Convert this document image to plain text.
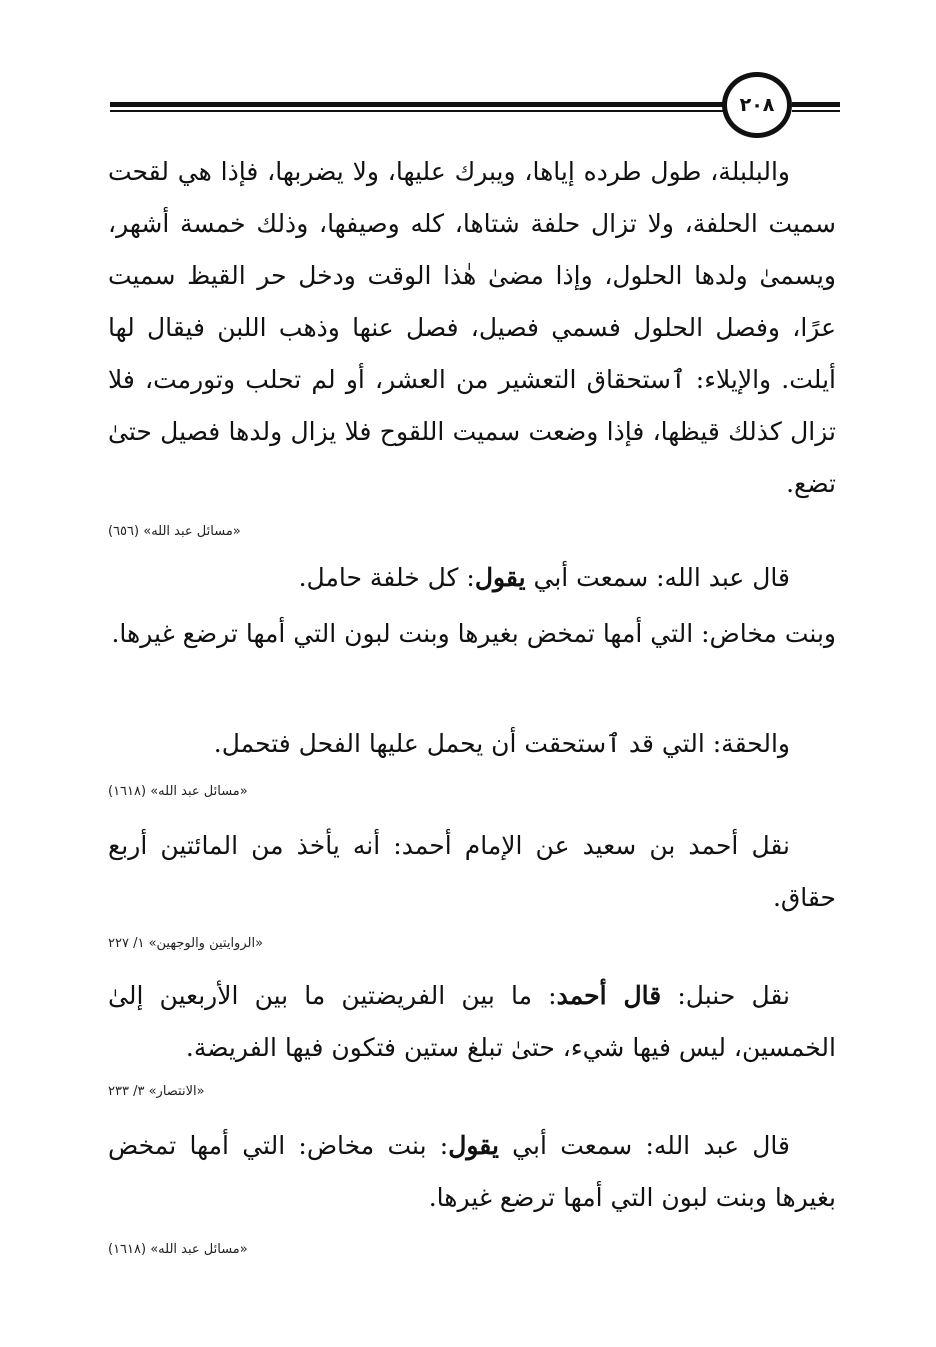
٢٠٨

والبلبلة، طول طرده إياها، ويبرك عليها، ولا يضربها، فإذا هي لقحت سميت الحلفة، ولا تزال حلفة شتاها، كله وصيفها، وذلك خمسة أشهر، ويسمىٰ ولدها الحلول، وإذا مضىٰ هٰذا الوقت ودخل حر القيظ سميت عرًا، وفصل الحلول فسمي فصيل، فصل عنها وذهب اللبن فيقال لها أيلت. والإيلاء: ٱستحقاق التعشير من العشر، أو لم تحلب وتورمت، فلا تزال كذلك قيظها، فإذا وضعت سميت اللقوح فلا يزال ولدها فصيل حتىٰ تضع.

«مسائل عبد الله» (٦٥٦)

قال عبد الله: سمعت أبي يقول: كل خلفة حامل.

وبنت مخاض: التي أمها تمخض بغيرها وبنت لبون التي أمها ترضع غيرها.

والحقة: التي قد ٱستحقت أن يحمل عليها الفحل فتحمل.

«مسائل عبد الله» (١٦١٨)

نقل أحمد بن سعيد عن الإمام أحمد: أنه يأخذ من المائتين أربع حقاق.

«الروايتين والوجهين» ١/ ٢٢٧

نقل حنبل: قال أحمد: ما بين الفريضتين ما بين الأربعين إلىٰ الخمسين، ليس فيها شيء، حتىٰ تبلغ ستين فتكون فيها الفريضة.

«الانتصار» ٣/ ٢٣٣

قال عبد الله: سمعت أبي يقول: بنت مخاض: التي أمها تمخض بغيرها وبنت لبون التي أمها ترضع غيرها.

«مسائل عبد الله» (١٦١٨)
